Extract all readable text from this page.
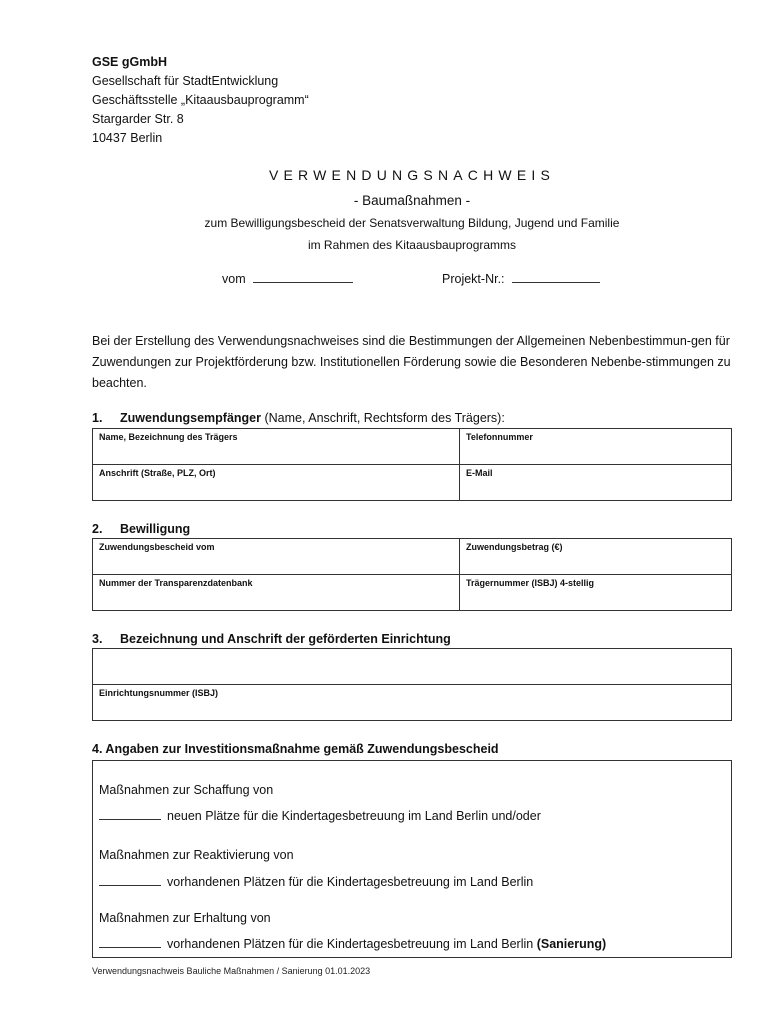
GSE gGmbH
Gesellschaft für StadtEntwicklung
Geschäftsstelle „Kitaausbauprogramm“
Stargarder Str. 8
10437 Berlin
VERWENDUNGSNACHWEIS
- Baumaßnahmen -
zum Bewilligungsbescheid der Senatsverwaltung Bildung, Jugend und Familie
im Rahmen des Kitaausbauprogramms
vom	Projekt-Nr.:
Bei der Erstellung des Verwendungsnachweises sind die Bestimmungen der Allgemeinen Nebenbestimmun-gen für Zuwendungen zur Projektförderung bzw. Institutionellen Förderung sowie die Besonderen Nebenbe-stimmungen zu beachten.
1. Zuwendungsempfänger (Name, Anschrift, Rechtsform des Trägers):
Name, Bezeichnung des Trägers	Telefonnummer
Anschrift (Straße, PLZ, Ort)	E-Mail
2. Bewilligung
Zuwendungsbescheid vom	Zuwendungsbetrag (€)
Nummer der Transparenzdatenbank	Trägernummer (ISBJ) 4-stellig
3. Bezeichnung und Anschrift der geförderten Einrichtung

Einrichtungsnummer (ISBJ)
4. Angaben zur Investitionsmaßnahme gemäß Zuwendungsbescheid
Maßnahmen zur Schaffung von
neuen Plätze für die Kindertagesbetreuung im Land Berlin und/oder
Maßnahmen zur Reaktivierung von
vorhandenen Plätzen für die Kindertagesbetreuung im Land Berlin
Maßnahmen zur Erhaltung von
vorhandenen Plätzen für die Kindertagesbetreuung im Land Berlin (Sanierung)
Verwendungsnachweis Bauliche Maßnahmen / Sanierung 01.01.2023
